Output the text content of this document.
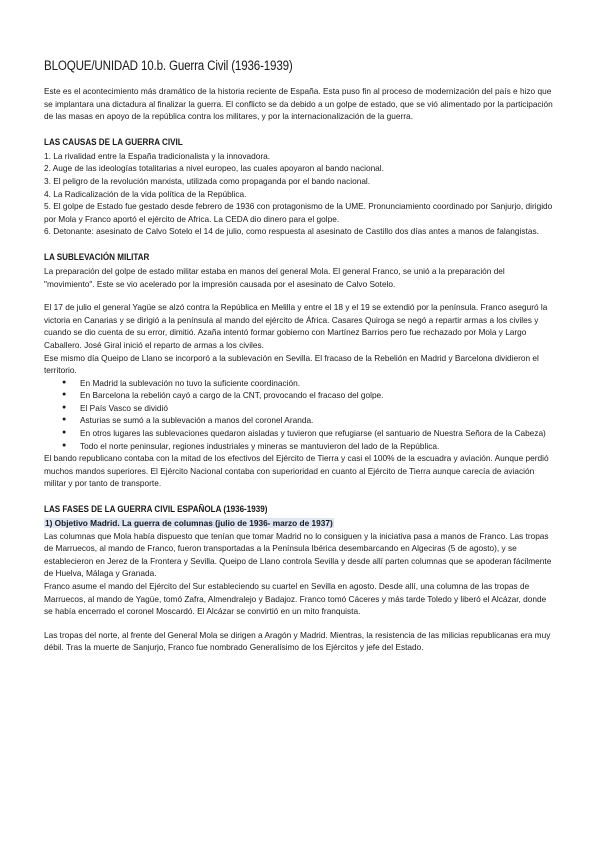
BLOQUE/UNIDAD 10.b. Guerra Civil (1936-1939)

Este es el acontecimiento más dramático de la historia reciente de España. Esta puso fin al proceso de modernización del país e hizo que se implantara una dictadura al finalizar la guerra. El conflicto se da debido a un golpe de estado, que se vió alimentado por la participación de las masas en apoyo de la república contra los militares, y por la internacionalización de la guerra.

LAS CAUSAS DE LA GUERRA CIVIL

1. La rivalidad entre la España tradicionalista y la innovadora.

2. Auge de las ideologías totalitarias a nivel europeo, las cuales apoyaron al bando nacional.

3. El peligro de la revolución marxista, utilizada como propaganda por el bando nacional.

4. La Radicalización de la vida política de la República.

5. El golpe de Estado fue gestado desde febrero de 1936 con protagonismo de la UME. Pronunciamiento coordinado por Sanjurjo, dirigido por Mola y Franco aportó el ejército de Africa. La CEDA dio dinero para el golpe.

6. Detonante: asesinato de Calvo Sotelo el 14 de julio, como respuesta al asesinato de Castillo dos días antes a manos de falangistas.

LA SUBLEVACIÓN MILITAR

La preparación del golpe de estado militar estaba en manos del general Mola. El general Franco, se unió a la preparación del "movimiento". Este se vio acelerado por la impresión causada por el asesinato de Calvo Sotelo.

El 17 de julio el general Yagüe se alzó contra la República en Melilla y entre el 18 y el 19 se extendió por la península. Franco aseguró la victoria en Canarias y se dirigió a la península al mando del ejército de África. Casares Quiroga se negó a repartir armas a los civiles y cuando se dio cuenta de su error, dimitió. Azaña intentó formar gobierno con Martínez Barrios pero fue rechazado por Mola y Largo Caballero. José Giral inició el reparto de armas a los civiles.

Ese mismo día Queipo de Llano se incorporó a la sublevación en Sevilla. El fracaso de la Rebelión en Madrid y Barcelona dividieron el territorio.

● En Madrid la sublevación no tuvo la suficiente coordinación.
● En Barcelona la rebelión cayó a cargo de la CNT, provocando el fracaso del golpe.
● El País Vasco se dividió
● Asturias se sumó a la sublevación a manos del coronel Aranda.
● En otros lugares las sublevaciones quedaron aisladas y tuvieron que refugiarse (el santuario de Nuestra Señora de la Cabeza)
● Todo el norte peninsular, regiones industriales y mineras se mantuvieron del lado de la República.

El bando republicano contaba con la mitad de los efectivos del Ejército de Tierra y casi el 100% de la escuadra y aviación. Aunque perdió muchos mandos superiores. El Ejército Nacional contaba con superioridad en cuanto al Ejército de Tierra aunque carecía de aviación militar y por tanto de transporte.

LAS FASES DE LA GUERRA CIVIL ESPAÑOLA (1936-1939)

1) Objetivo Madrid. La guerra de columnas (julio de 1936- marzo de 1937)

Las columnas que Mola había dispuesto que tenían que tomar Madrid no lo consiguen y la iniciativa pasa a manos de Franco. Las tropas de Marruecos, al mando de Franco, fueron transportadas a la Península Ibérica desembarcando en Algeciras (5 de agosto), y se establecieron en Jerez de la Frontera y Sevilla. Queipo de Llano controla Sevilla y desde allí parten columnas que se apoderan fácilmente de Huelva, Málaga y Granada.

Franco asume el mando del Ejército del Sur estableciendo su cuartel en Sevilla en agosto. Desde allí, una columna de las tropas de Marruecos, al mando de Yagüe, tomó Zafra, Almendralejo y Badajoz. Franco tomó Cáceres y más tarde Toledo y liberó el Alcázar, donde se había encerrado el coronel Moscardó. El Alcázar se convirtió en un mito franquista.

Las tropas del norte, al frente del General Mola se dirigen a Aragón y Madrid. Mientras, la resistencia de las milicias republicanas era muy débil. Tras la muerte de Sanjurjo, Franco fue nombrado Generalísimo de los Ejércitos y jefe del Estado.
